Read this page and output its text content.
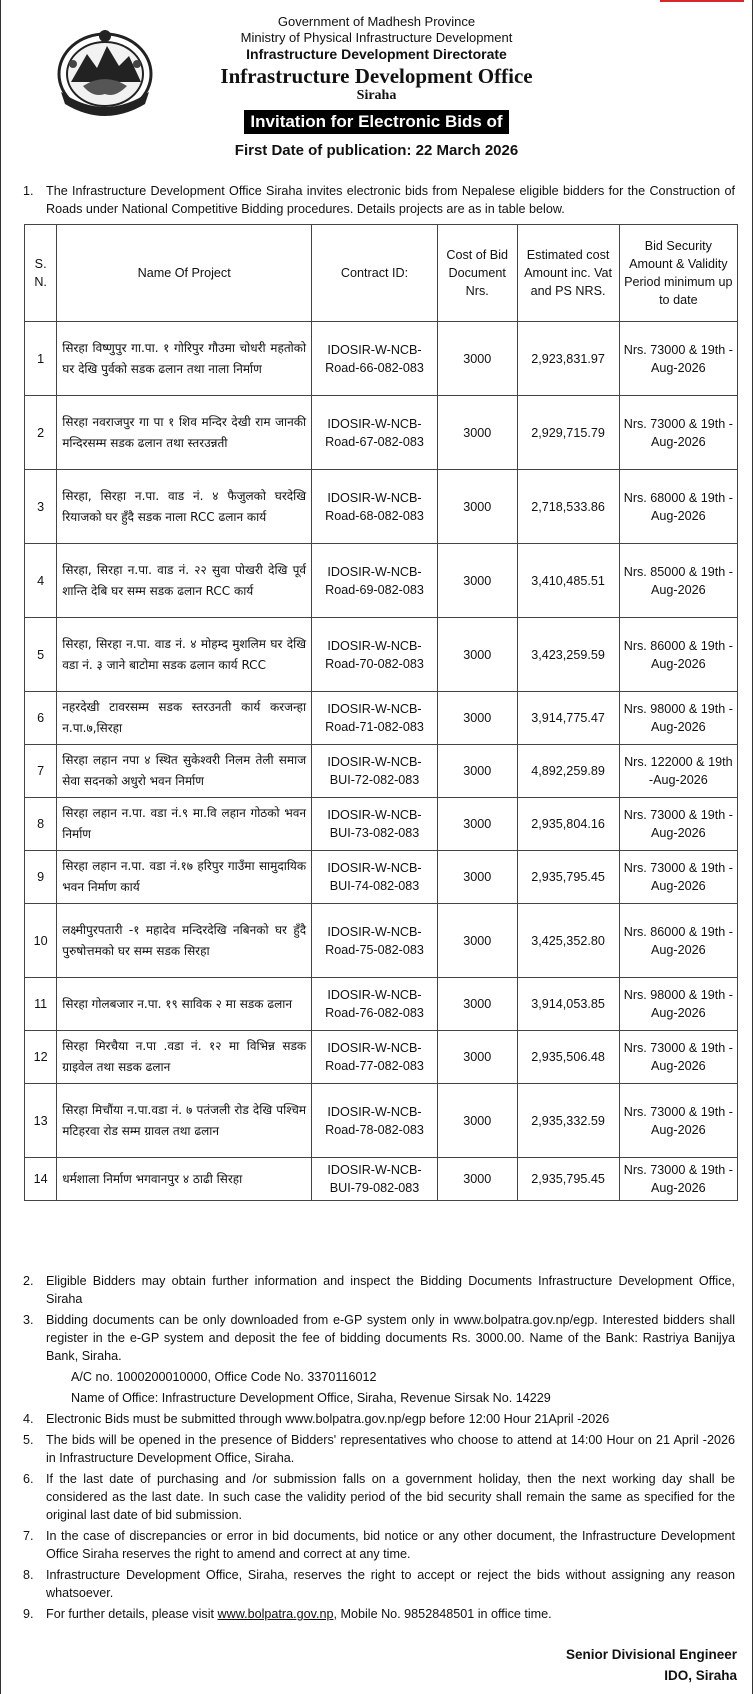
Government of Madhesh Province
Ministry of Physical Infrastructure Development
Infrastructure Development Directorate
Infrastructure Development Office
Siraha
Invitation for Electronic Bids of
First Date of publication: 22 March 2026
1. The Infrastructure Development Office Siraha invites electronic bids from Nepalese eligible bidders for the Construction of Roads under National Competitive Bidding procedures. Details projects are as in table below.
S. N.	Name Of Project	Contract ID:	Cost of Bid Document Nrs.	Estimated cost Amount inc. Vat and PS NRS.	Bid Security Amount & Validity Period minimum up to date
1	सिरहा विष्णुपुर गा.पा. १ गोरिपुर गौउमा चोधरी महतोको घर देखि पुर्वको सडक ढलान तथा नाला निर्माण	IDOSIR-W-NCB-Road-66-082-083	3000	2,923,831.97	Nrs. 73000 & 19th -Aug-2026
2	सिरहा नवराजपुर गा पा १ शिव मन्दिर देखी राम जानकी मन्दिरसम्म सडक ढलान तथा स्तरउन्नती	IDOSIR-W-NCB-Road-67-082-083	3000	2,929,715.79	Nrs. 73000 & 19th -Aug-2026
3	सिरहा, सिरहा न.पा. वाड नं. ४ फैजुलको घरदेखि रियाजको घर हुँदै सडक नाला RCC ढलान कार्य	IDOSIR-W-NCB-Road-68-082-083	3000	2,718,533.86	Nrs. 68000 & 19th -Aug-2026
4	सिरहा, सिरहा न.पा. वाड नं. २२ सुवा पोखरी देखि पूर्व शान्ति देबि घर सम्म सडक ढलान RCC कार्य	IDOSIR-W-NCB-Road-69-082-083	3000	3,410,485.51	Nrs. 85000 & 19th -Aug-2026
5	सिरहा, सिरहा न.पा. वाड नं. ४ मोहम्द मुशलिम घर देखि वडा नं. ३ जाने बाटोमा सडक ढलान कार्य RCC	IDOSIR-W-NCB-Road-70-082-083	3000	3,423,259.59	Nrs. 86000 & 19th -Aug-2026
6	नहरदेखी टावरसम्म सडक स्तरउनती कार्य करजन्हा न.पा.७,सिरहा	IDOSIR-W-NCB-Road-71-082-083	3000	3,914,775.47	Nrs. 98000 & 19th -Aug-2026
7	सिरहा लहान नपा ४ स्थित सुकेश्वरी निलम तेली समाज सेवा सदनको अधुरो भवन निर्माण	IDOSIR-W-NCB-BUI-72-082-083	3000	4,892,259.89	Nrs. 122000 & 19th -Aug-2026
8	सिरहा लहान न.पा. वडा नं.९ मा.वि लहान गोठको भवन निर्माण	IDOSIR-W-NCB-BUI-73-082-083	3000	2,935,804.16	Nrs. 73000 & 19th -Aug-2026
9	सिरहा लहान न.पा. वडा नं.१७ हरिपुर गाउँमा सामुदायिक भवन निर्माण कार्य	IDOSIR-W-NCB-BUI-74-082-083	3000	2,935,795.45	Nrs. 73000 & 19th -Aug-2026
10	लक्ष्मीपुरपतारी -१ महादेव मन्दिरदेखि नबिनको घर हुँदै पुरुषोत्तमको घर सम्म सडक सिरहा	IDOSIR-W-NCB-Road-75-082-083	3000	3,425,352.80	Nrs. 86000 & 19th -Aug-2026
11	सिरहा गोलबजार न.पा. १९ साविक २ मा सडक ढलान	IDOSIR-W-NCB-Road-76-082-083	3000	3,914,053.85	Nrs. 98000 & 19th -Aug-2026
12	सिरहा मिरचैया न.पा .वडा नं. १२ मा विभिन्न सडक ग्राइवेल तथा सडक ढलान	IDOSIR-W-NCB-Road-77-082-083	3000	2,935,506.48	Nrs. 73000 & 19th -Aug-2026
13	सिरहा मिचौंया न.पा.वडा नं. ७ पतंजली रोड देखि पश्चिम मटिहरवा रोड सम्म ग्रावल तथा ढलान	IDOSIR-W-NCB-Road-78-082-083	3000	2,935,332.59	Nrs. 73000 & 19th -Aug-2026
14	धर्मशाला निर्माण भगवानपुर ४ ठाढी सिरहा	IDOSIR-W-NCB-BUI-79-082-083	3000	2,935,795.45	Nrs. 73000 & 19th -Aug-2026
2. Eligible Bidders may obtain further information and inspect the Bidding Documents Infrastructure Development Office, Siraha
3. Bidding documents can be only downloaded from e-GP system only in www.bolpatra.gov.np/egp. Interested bidders shall register in the e-GP system and deposit the fee of bidding documents Rs. 3000.00. Name of the Bank: Rastriya Banijya Bank, Siraha.
A/C no. 1000200010000, Office Code No. 3370116012
Name of Office: Infrastructure Development Office, Siraha, Revenue Sirsak No. 14229
4. Electronic Bids must be submitted through www.bolpatra.gov.np/egp before 12:00 Hour 21April -2026
5. The bids will be opened in the presence of Bidders' representatives who choose to attend at 14:00 Hour on 21 April -2026 in Infrastructure Development Office, Siraha.
6. If the last date of purchasing and /or submission falls on a government holiday, then the next working day shall be considered as the last date. In such case the validity period of the bid security shall remain the same as specified for the original last date of bid submission.
7. In the case of discrepancies or error in bid documents, bid notice or any other document, the Infrastructure Development Office Siraha reserves the right to amend and correct at any time.
8. Infrastructure Development Office, Siraha, reserves the right to accept or reject the bids without assigning any reason whatsoever.
9. For further details, please visit www.bolpatra.gov.np, Mobile No. 9852848501 in office time.
Senior Divisional Engineer
IDO, Siraha
